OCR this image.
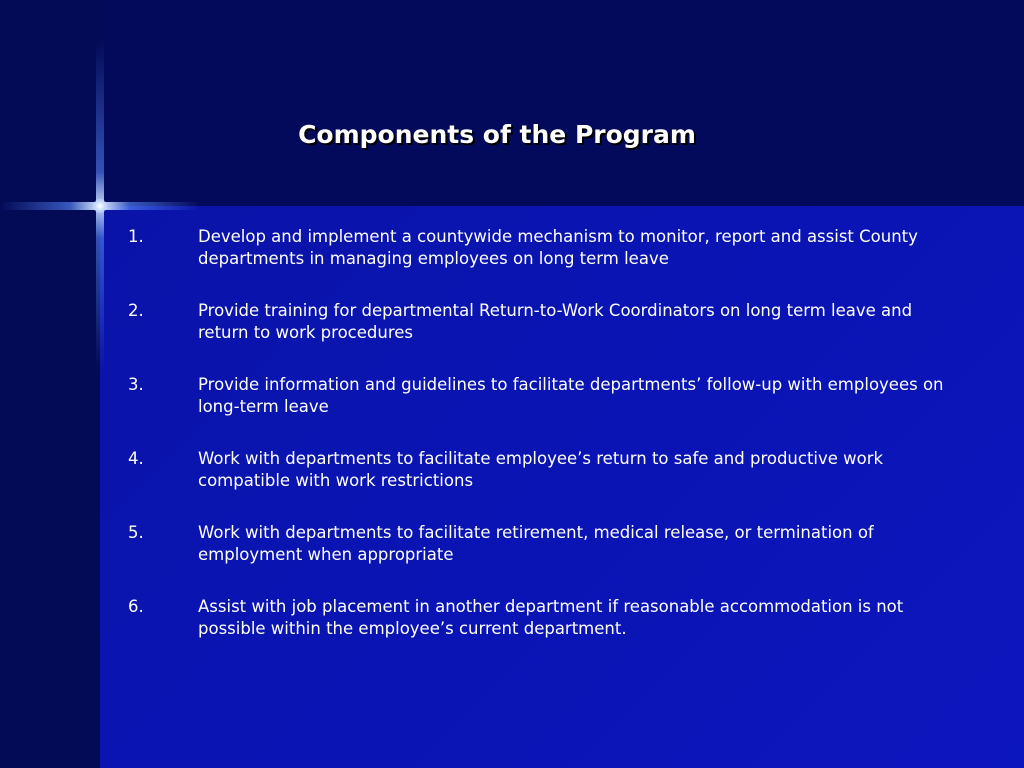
Components of the Program
1.	Develop and implement a countywide mechanism to monitor, report and assist County departments in managing employees on long term leave
2.	Provide training for departmental Return-to-Work Coordinators on long term leave and return to work procedures
3.	Provide information and guidelines to facilitate departments’ follow-up with employees on long-term leave
4.	Work with departments to facilitate employee’s return to safe and productive work compatible with work restrictions
5.	Work with departments to facilitate retirement, medical release, or termination of employment when appropriate
6.	Assist with job placement in another department if reasonable accommodation is not possible within the employee’s current department.
